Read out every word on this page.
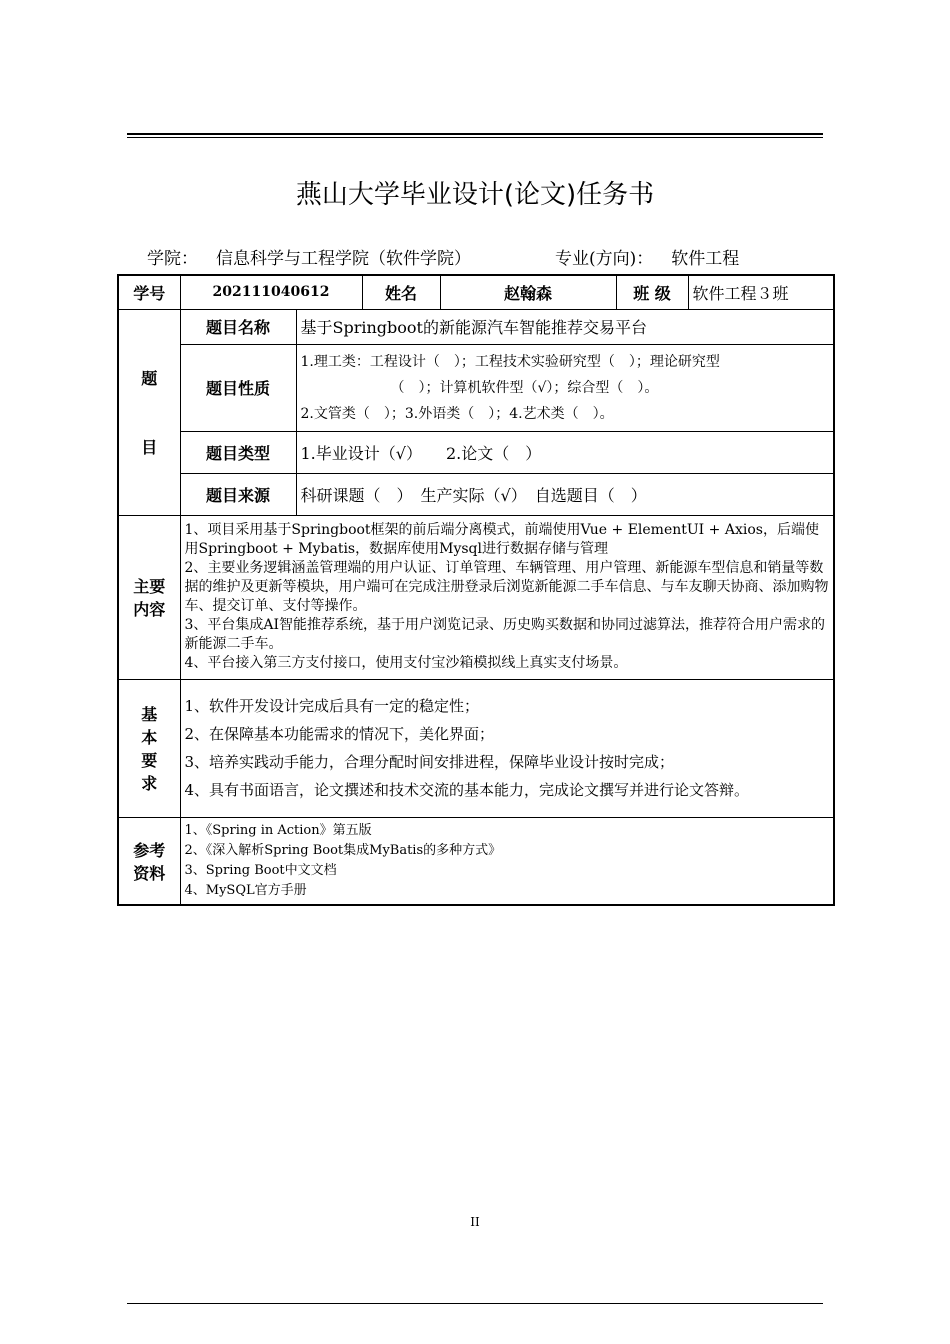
燕山大学毕业设计(论文)任务书
学院： 信息科学与工程学院（软件学院）	专业(方向)： 软件工程
学号	202111040612		姓名	赵翰森	班 级	软件工程３班

题
目	题目名称	基于Springboot的新能源汽车智能推荐交易平台				
	题目性质	1.理工类：工程设计（　）；工程技术实验研究型（　）；理论研究型
（　）；计算机软件型（√）；综合型（　）。
2.文管类（　）；3.外语类（　）；4.艺术类（　）。				

	题目类型	1.毕业设计（√）　　2.论文（　）				
	题目来源	科研课题（　）　生产实际（√）　自选题目（　）				

主要
内容	1、项目采用基于Springboot框架的前后端分离模式，前端使用Vue + ElementUI + Axios，后端使用Springboot + Mybatis，数据库使用Mysql进行数据存储与管理
2、主要业务逻辑涵盖管理端的用户认证、订单管理、车辆管理、用户管理、新能源车型信息和销量等数据的维护及更新等模块，用户端可在完成注册登录后浏览新能源二手车信息、与车友聊天协商、添加购物车、提交订单、支付等操作。
3、平台集成AI智能推荐系统，基于用户浏览记录、历史购买数据和协同过滤算法，推荐符合用户需求的新能源二手车。
4、平台接入第三方支付接口，使用支付宝沙箱模拟线上真实支付场景。					

基
本
要
求	1、软件开发设计完成后具有一定的稳定性；
2、在保障基本功能需求的情况下，美化界面；
3、培养实践动手能力，合理分配时间安排进程，保障毕业设计按时完成；
4、具有书面语言，论文撰述和技术交流的基本能力，完成论文撰写并进行论文答辩。					

参考
资料	1、《Spring in Action》第五版
2、《深入解析Spring Boot集成MyBatis的多种方式》
3、Spring Boot中文文档
4、MySQL官方手册					
II
